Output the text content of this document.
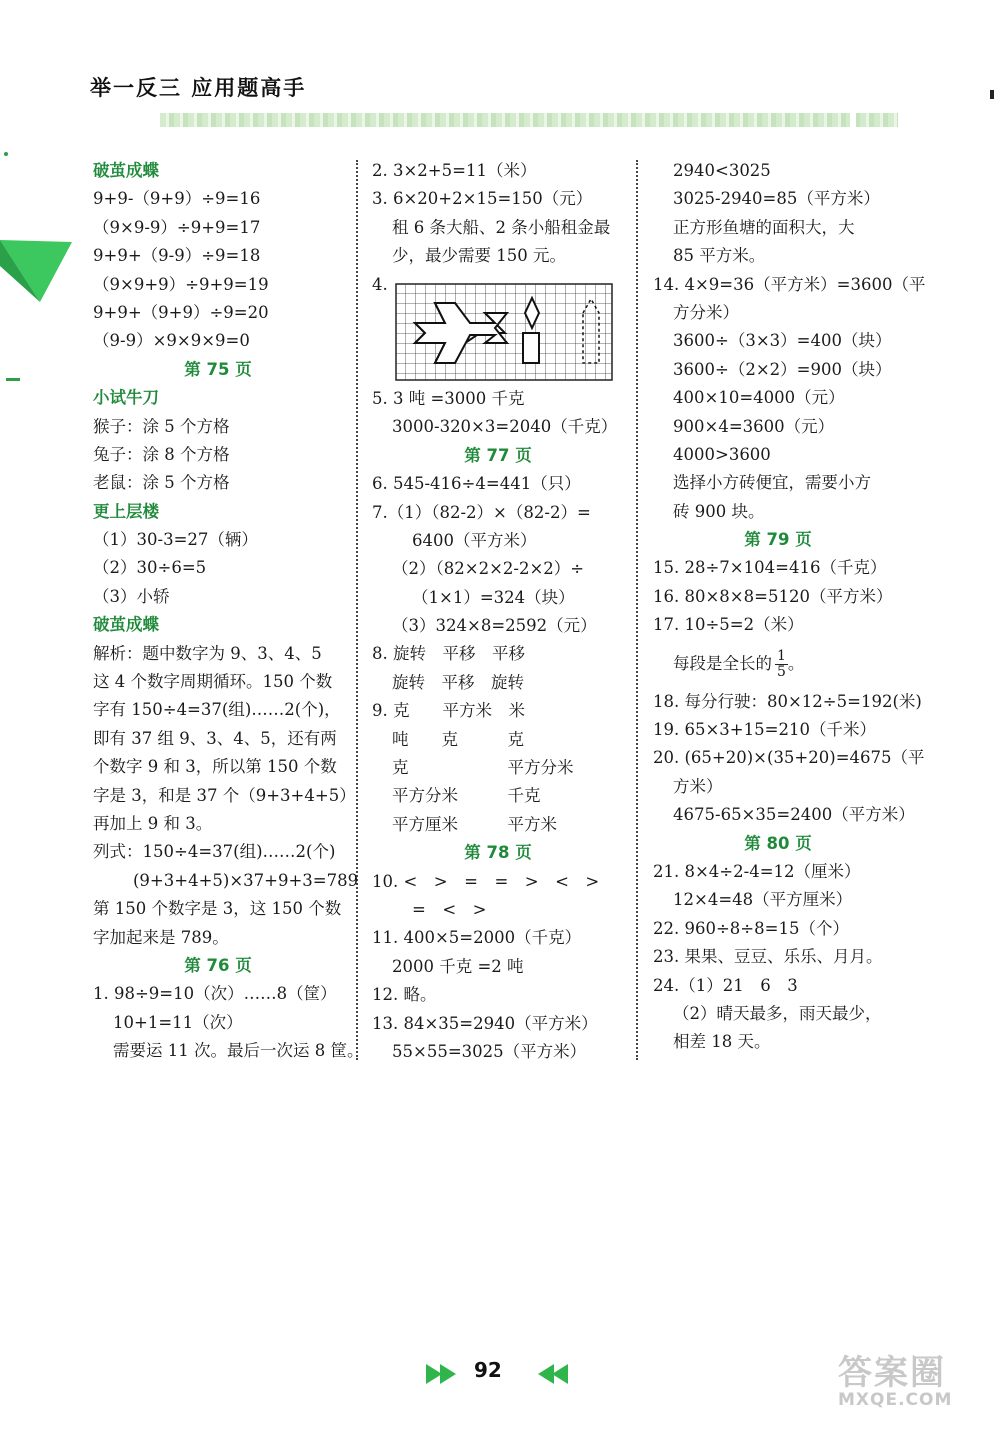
举一反三 应用题高手
破茧成蝶
9+9-（9+9）÷9=16
（9×9-9）÷9+9=17
9+9+（9-9）÷9=18
（9×9+9）÷9+9=19
9+9+（9+9）÷9=20
（9-9）×9×9×9=0
第 75 页
小试牛刀
猴子：涂 5 个方格
兔子：涂 8 个方格
老鼠：涂 5 个方格
更上层楼
（1）30-3=27（辆）
（2）30÷6=5
（3）小轿
破茧成蝶
解析：题中数字为 9、3、4、5
这 4 个数字周期循环。150 个数
字有 150÷4=37(组)……2(个)，
即有 37 组 9、3、4、5，还有两
个数字 9 和 3，所以第 150 个数
字是 3，和是 37 个（9+3+4+5）
再加上 9 和 3。
列式：150÷4=37(组)……2(个)
(9+3+4+5)×37+9+3=789
第 150 个数字是 3，这 150 个数
字加起来是 789。
第 76 页
1. 98÷9=10（次）……8（筐）
10+1=11（次）
需要运 11 次。最后一次运 8 筐。
2. 3×2+5=11（米）
3. 6×20+2×15=150（元）
租 6 条大船、2 条小船租金最
少，最少需要 150 元。
4.
5. 3 吨 =3000 千克
3000-320×3=2040（千克）
第 77 页
6. 545-416÷4=441（只）
7.（1）（82-2）×（82-2）=
6400（平方米）
（2）（82×2×2-2×2）÷
（1×1）=324（块）
（3）324×8=2592（元）
8. 旋转　平移　平移
旋转　平移　旋转
9. 克　　平方米　米
吨　　克　　　克
克　　　　　　平方分米
平方分米　　　千克
平方厘米　　　平方米
第 78 页
10. <　>　=　=　>　<　>
=　<　>
11. 400×5=2000（千克）
2000 千克 =2 吨
12. 略。
13. 84×35=2940（平方米）
55×55=3025（平方米）
2940<3025
3025-2940=85（平方米）
正方形鱼塘的面积大，大
85 平方米。
14. 4×9=36（平方米）=3600（平
方分米）
3600÷（3×3）=400（块）
3600÷（2×2）=900（块）
400×10=4000（元）
900×4=3600（元）
4000>3600
选择小方砖便宜，需要小方
砖 900 块。
第 79 页
15. 28÷7×104=416（千克）
16. 80×8×8=5120（平方米）
17. 10÷5=2（米）
每段是全长的 $\frac{1}{5}$ 。
18. 每分行驶：80×12÷5=192(米)
19. 65×3+15=210（千米）
20. (65+20)×(35+20)=4675（平
方米）
4675-65×35=2400（平方米）
第 80 页
21. 8×4÷2-4=12（厘米）
12×4=48（平方厘米）
22. 960÷8÷8=15（个）
23. 果果、豆豆、乐乐、月月。
24.（1）21　6　3
（2）晴天最多，雨天最少，
相差 18 天。
92	答案圈
MXQE.COM
